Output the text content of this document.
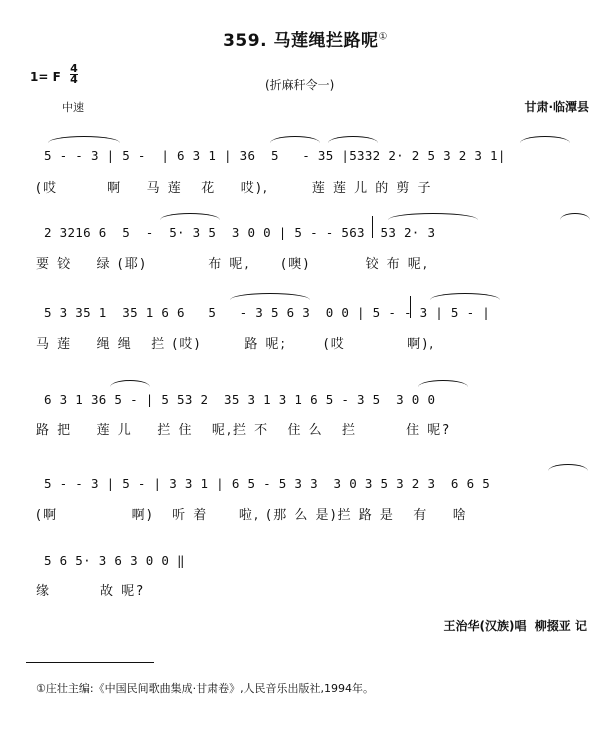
359. 马莲绳拦路呢①
1= F
4
4	(折麻秆令一)
中速	甘肃·临潭县
5 - - 3 | 5 -  | 6 3 1 | 36  5   - 35 |5332 2· 2 5 3 2 3 1|
(哎        啊    马 莲   花    哎),       莲 莲 儿 的 剪 子
2 3216 6  5  -  5· 3 5  3 0 0 | 5 - - 563  53 2· 3
要 铰    绿 (耶)          布 呢,     (噢)         铰 布 呢,
5 3 35 1  35 1 6 6   5   - 3 5 6 3  0 0 | 5 - - 3 | 5 - |
马 莲    绳 绳   拦 (哎)       路 呢;      (哎          啊),
6 3 1 36 5 - | 5 53 2  35 3 1 3 1 6 5 - 3 5  3 0 0
路 把    莲 儿    拦 住   呢,拦 不   住 么   拦        住 呢?
5 - - 3 | 5 - | 3 3 1 | 6 5 - 5 3 3  3 0 3 5 3 2 3  6 6 5
(啊            啊)   听 着     啦, (那 么 是)拦 路 是   有    啥
5 6 5· 3 6 3 0 0 ‖
缘        故 呢?
王治华(汉族)唱  柳掇亚 记
①庄壮主编:《中国民间歌曲集成·甘肃卷》,人民音乐出版社,1994年。
